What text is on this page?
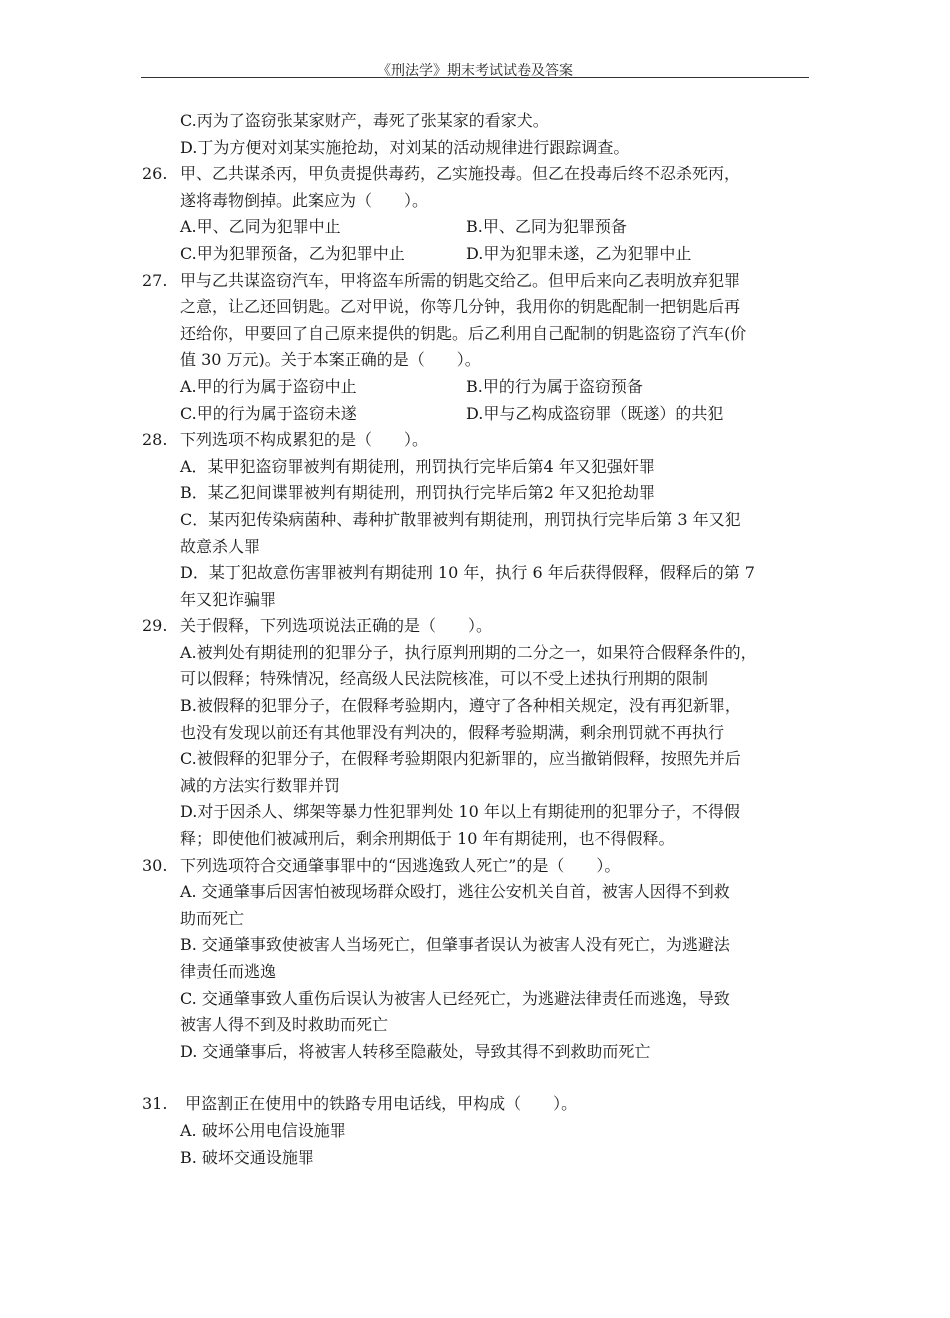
《刑法学》期末考试试卷及答案
C.丙为了盗窃张某家财产，毒死了张某家的看家犬。
D.丁为方便对刘某实施抢劫，对刘某的活动规律进行跟踪调查。
26. 甲、乙共谋杀丙，甲负责提供毒药，乙实施投毒。但乙在投毒后终不忍杀死丙，
遂将毒物倒掉。此案应为（　　）。
A.甲、乙同为犯罪中止	B.甲、乙同为犯罪预备
C.甲为犯罪预备，乙为犯罪中止	D.甲为犯罪未遂，乙为犯罪中止
27. 甲与乙共谋盗窃汽车，甲将盗车所需的钥匙交给乙。但甲后来向乙表明放弃犯罪
之意，让乙还回钥匙。乙对甲说，你等几分钟，我用你的钥匙配制一把钥匙后再
还给你，甲要回了自己原来提供的钥匙。后乙利用自己配制的钥匙盗窃了汽车(价
值 30 万元)。关于本案正确的是（　　）。
A.甲的行为属于盗窃中止	B.甲的行为属于盗窃预备
C.甲的行为属于盗窃未遂	D.甲与乙构成盗窃罪（既遂）的共犯
28. 下列选项不构成累犯的是（　　）。
A．某甲犯盗窃罪被判有期徒刑，刑罚执行完毕后第4 年又犯强奸罪
B．某乙犯间谍罪被判有期徒刑，刑罚执行完毕后第2 年又犯抢劫罪
C．某丙犯传染病菌种、毒种扩散罪被判有期徒刑，刑罚执行完毕后第 3 年又犯
故意杀人罪
D．某丁犯故意伤害罪被判有期徒刑 10 年，执行 6 年后获得假释，假释后的第 7
年又犯诈骗罪
29. 关于假释，下列选项说法正确的是（　　）。
A.被判处有期徒刑的犯罪分子，执行原判刑期的二分之一，如果符合假释条件的，
可以假释；特殊情况，经高级人民法院核准，可以不受上述执行刑期的限制
B.被假释的犯罪分子，在假释考验期内，遵守了各种相关规定，没有再犯新罪，
也没有发现以前还有其他罪没有判决的，假释考验期满，剩余刑罚就不再执行
C.被假释的犯罪分子，在假释考验期限内犯新罪的，应当撤销假释，按照先并后
减的方法实行数罪并罚
D.对于因杀人、绑架等暴力性犯罪判处 10 年以上有期徒刑的犯罪分子，不得假
释；即使他们被减刑后，剩余刑期低于 10 年有期徒刑，也不得假释。
30. 下列选项符合交通肇事罪中的“因逃逸致人死亡”的是（　　）。
A. 交通肇事后因害怕被现场群众殴打，逃往公安机关自首，被害人因得不到救
助而死亡
B. 交通肇事致使被害人当场死亡，但肇事者误认为被害人没有死亡，为逃避法
律责任而逃逸
C. 交通肇事致人重伤后误认为被害人已经死亡，为逃避法律责任而逃逸，导致
被害人得不到及时救助而死亡
D. 交通肇事后，将被害人转移至隐蔽处，导致其得不到救助而死亡
31. 甲盗割正在使用中的铁路专用电话线，甲构成（　　）。
A. 破坏公用电信设施罪
B. 破坏交通设施罪
